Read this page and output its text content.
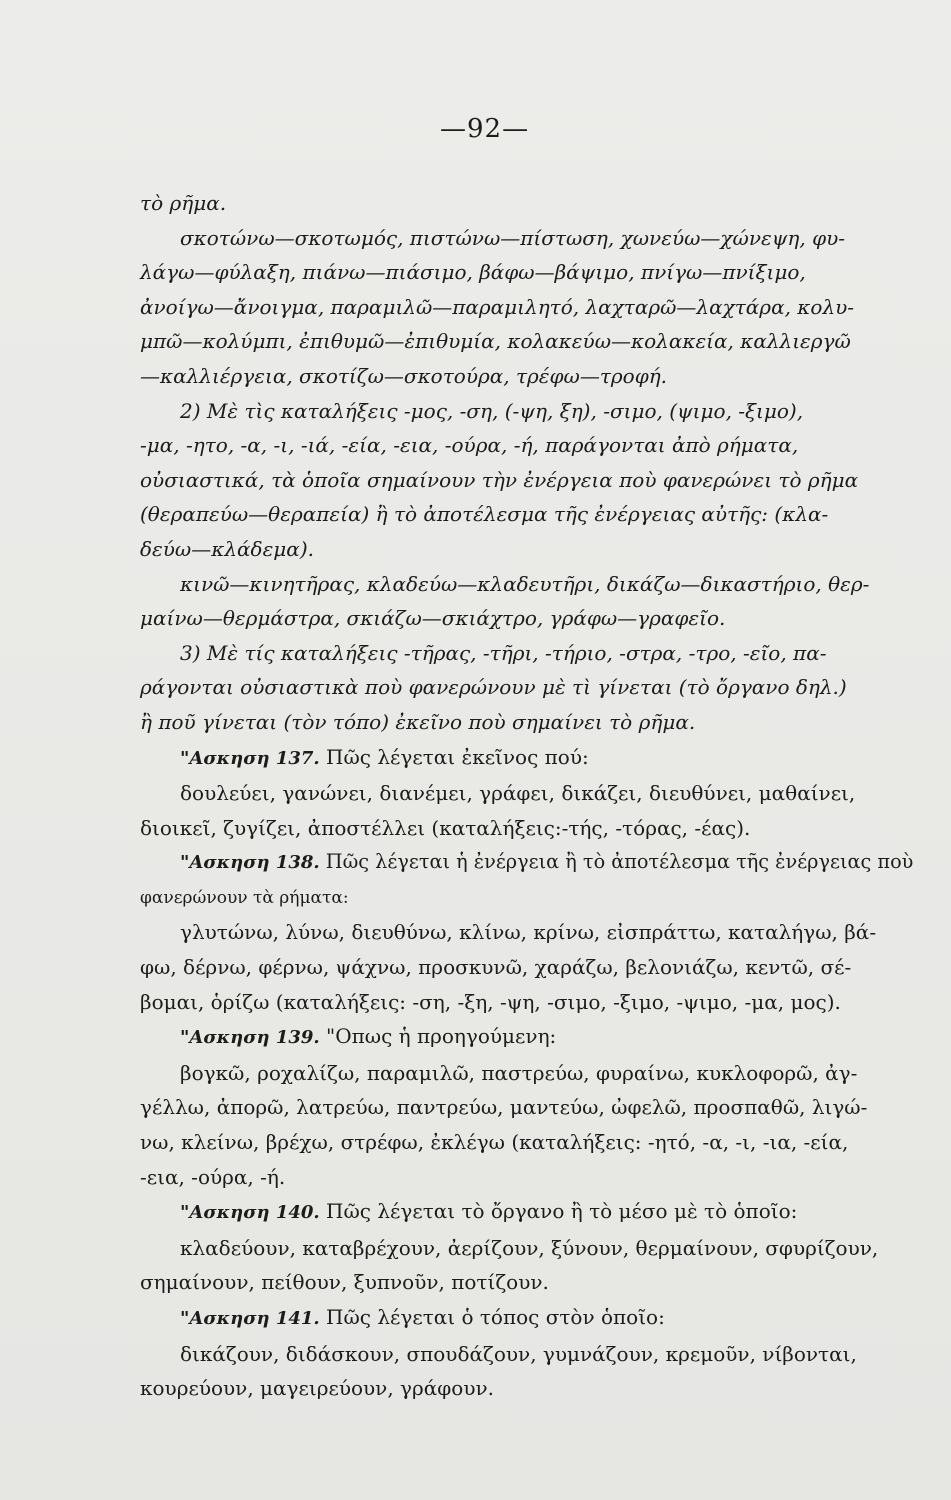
—92—
τὸ ρῆμα.
σκοτώνω—σκοτωμός, πιστώνω—πίστωση, χωνεύω—χώνεψη, φυ-
λάγω—φύλαξη, πιάνω—πιάσιμο, βάφω—βάψιμο, πνίγω—πνίξιμο,
ἀνοίγω—ἄνοιγμα, παραμιλῶ—παραμιλητό, λαχταρῶ—λαχτάρα, κολυ-
μπῶ—κολύμπι, ἐπιθυμῶ—ἐπιθυμία, κολακεύω—κολακεία, καλλιεργῶ
—καλλιέργεια, σκοτίζω—σκοτούρα, τρέφω—τροφή.
2) Μὲ τὶς καταλήξεις -μος, -ση, (-ψη, ξη), -σιμο, (ψιμο, -ξιμο),
-μα, -ητο, -α, -ι, -ιά, -εία, -εια, -ούρα, -ή, παράγονται ἀπὸ ρήματα,
οὐσιαστικά, τὰ ὁποῖα σημαίνουν τὴν ἐνέργεια ποὺ φανερώνει τὸ ρῆμα
(θεραπεύω—θεραπεία) ἢ τὸ ἀποτέλεσμα τῆς ἐνέργειας αὐτῆς: (κλα-
δεύω—κλάδεμα).
κινῶ—κινητῆρας, κλαδεύω—κλαδευτῆρι, δικάζω—δικαστήριο, θερ-
μαίνω—θερμάστρα, σκιάζω—σκιάχτρο, γράφω—γραφεῖο.
3) Μὲ τίς καταλήξεις -τῆρας, -τῆρι, -τήριο, -στρα, -τρο, -εῖο, πα-
ράγονται οὐσιαστικὰ ποὺ φανερώνουν μὲ τὶ γίνεται (τὸ ὄργανο δηλ.)
ἢ ποῦ γίνεται (τὸν τόπο) ἐκεῖνο ποὺ σημαίνει τὸ ρῆμα.
"Ασκηση 137. Πῶς λέγεται ἐκεῖνος πού:
δουλεύει, γανώνει, διανέμει, γράφει, δικάζει, διευθύνει, μαθαίνει,
διοικεῖ, ζυγίζει, ἀποστέλλει (καταλήξεις:-τής, -τόρας, -έας).
"Ασκηση 138. Πῶς λέγεται ἡ ἐνέργεια ἢ τὸ ἀποτέλεσμα τῆς ἐνέργειας ποὺ
φανερώνουν τὰ ρήματα:
γλυτώνω, λύνω, διευθύνω, κλίνω, κρίνω, εἰσπράττω, καταλήγω, βά-
φω, δέρνω, φέρνω, ψάχνω, προσκυνῶ, χαράζω, βελονιάζω, κεντῶ, σέ-
βομαι, ὁρίζω (καταλήξεις: -ση, -ξη, -ψη, -σιμο, -ξιμο, -ψιμο, -μα, μος).
"Ασκηση 139. "Οπως ἡ προηγούμενη:
βογκῶ, ροχαλίζω, παραμιλῶ, παστρεύω, φυραίνω, κυκλοφορῶ, ἀγ-
γέλλω, ἀπορῶ, λατρεύω, παντρεύω, μαντεύω, ὠφελῶ, προσπαθῶ, λιγώ-
νω, κλείνω, βρέχω, στρέφω, ἐκλέγω (καταλήξεις: -ητό, -α, -ι, -ια, -εία,
-εια, -ούρα, -ή.
"Ασκηση 140. Πῶς λέγεται τὸ ὄργανο ἢ τὸ μέσο μὲ τὸ ὁποῖο:
κλαδεύουν, καταβρέχουν, ἀερίζουν, ξύνουν, θερμαίνουν, σφυρίζουν,
σημαίνουν, πείθουν, ξυπνοῦν, ποτίζουν.
"Ασκηση 141. Πῶς λέγεται ὁ τόπος στὸν ὁποῖο:
δικάζουν, διδάσκουν, σπουδάζουν, γυμνάζουν, κρεμοῦν, νίβονται,
κουρεύουν, μαγειρεύουν, γράφουν.
